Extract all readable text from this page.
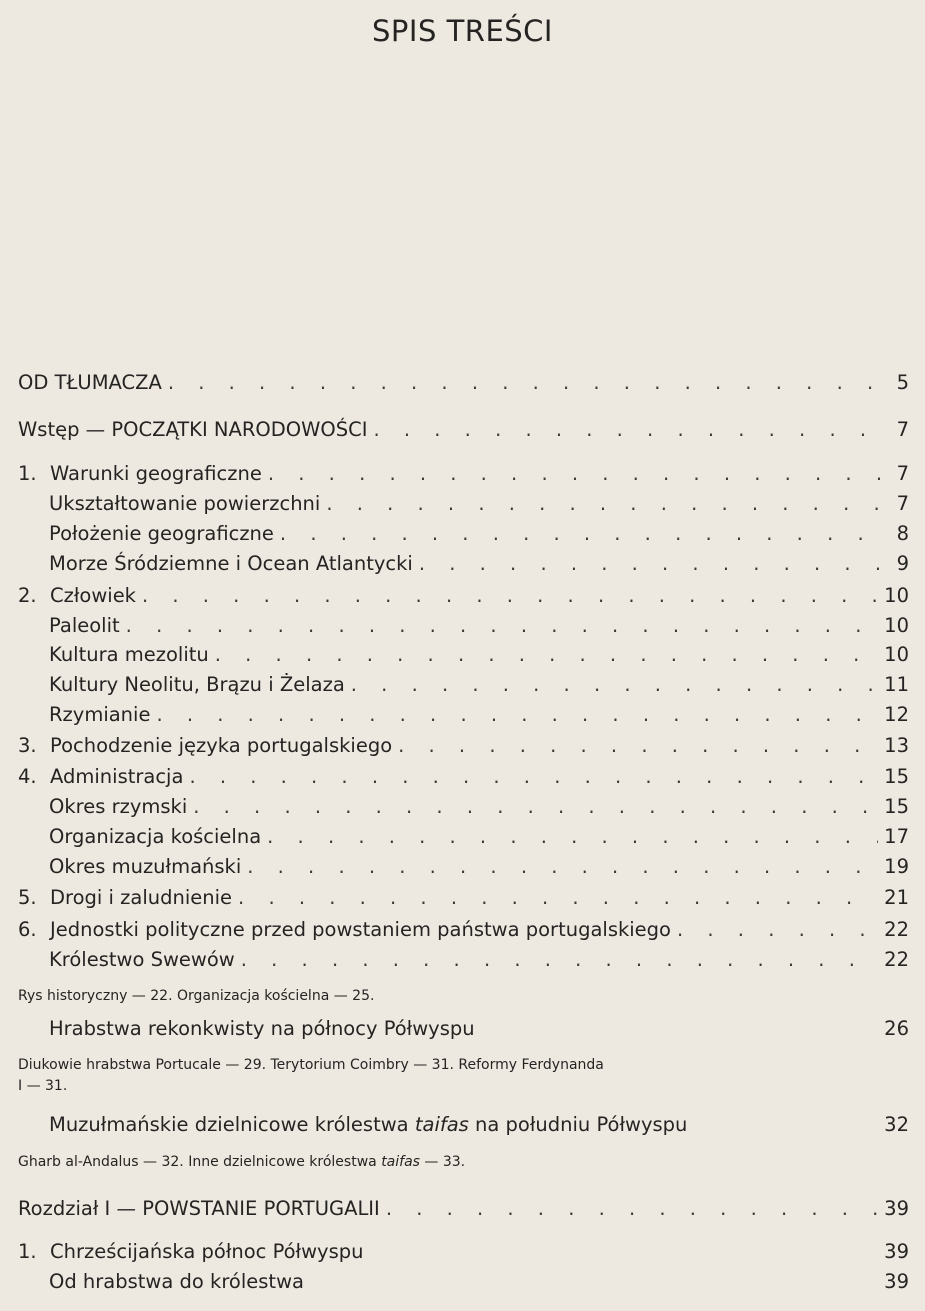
SPIS TREŚCI
OD TŁUMACZA . . .	5
Wstęp — POCZĄTKI NARODOWOŚCI . . .	7
1. Warunki geograficzne . . .	7
Ukształtowanie powierzchni . . .	7
Położenie geograficzne . . .	8
Morze Śródziemne i Ocean Atlantycki . . .	9
2. Człowiek . . .	10
Paleolit . . .	10
Kultura mezolitu . . .	10
Kultury Neolitu, Brązu i Żelaza . . .	11
Rzymianie . . .	12
3. Pochodzenie języka portugalskiego . . .	13
4. Administracja . . .	15
Okres rzymski . . .	15
Organizacja kościelna . . .	17
Okres muzułmański . . .	19
5. Drogi i zaludnienie . . .	21
6. Jednostki polityczne przed powstaniem państwa portugalskiego . . .	22
Królestwo Swewów . . .	22
Rys historyczny — 22. Organizacja kościelna — 25.
Hrabstwa rekonkwisty na północy Półwyspu	26
Diukowie hrabstwa Portucale — 29. Terytorium Coimbry — 31. Reformy Ferdynanda
I — 31.
Muzułmańskie dzielnicowe królestwa taifas na południu Półwyspu	32
Gharb al-Andalus — 32. Inne dzielnicowe królestwa taifas — 33.
Rozdział I — POWSTANIE PORTUGALII . . .	39
1. Chrześcijańska północ Półwyspu	39
Od hrabstwa do królestwa	39
